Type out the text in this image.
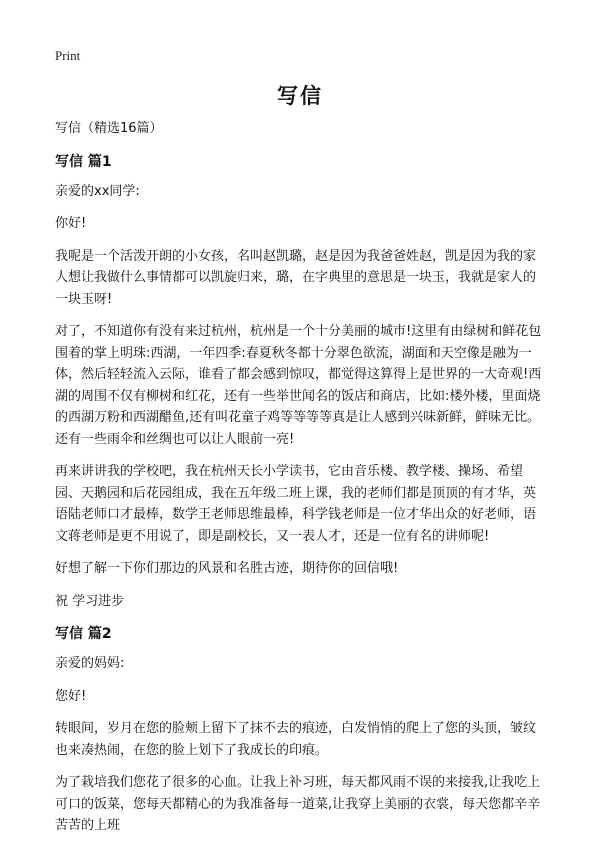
Print
写信

写信（精选16篇）

写信 篇1

亲爱的xx同学:

你好!

我呢是一个活泼开朗的小女孩，名叫赵凯璐，赵是因为我爸爸姓赵，凯是因为我的家人想让我做什么事情都可以凯旋归来，璐，在字典里的意思是一块玉，我就是家人的一块玉呀!

对了，不知道你有没有来过杭州，杭州是一个十分美丽的城市!这里有由绿树和鲜花包围着的掌上明珠:西湖，一年四季:春夏秋冬都十分翠色欲流，湖面和天空像是融为一体，然后轻轻流入云际，谁看了都会感到惊叹，都觉得这算得上是世界的一大奇观!西湖的周围不仅有柳树和红花，还有一些举世闻名的饭店和商店，比如:楼外楼，里面烧的西湖万粉和西湖醋鱼,还有叫花童子鸡等等等等真是让人感到兴味新鲜，鲜味无比。还有一些雨伞和丝绸也可以让人眼前一亮!

再来讲讲我的学校吧，我在杭州天长小学读书，它由音乐楼、教学楼、操场、希望园、天鹅园和后花园组成，我在五年级二班上课，我的老师们都是顶顶的有才华，英语陆老师口才最棒，数学王老师思维最棒，科学钱老师是一位才华出众的好老师，语文蒋老师是更不用说了，即是副校长，又一表人才，还是一位有名的讲师呢!

好想了解一下你们那边的风景和名胜古迹，期待你的回信哦!

祝 学习进步

写信 篇2

亲爱的妈妈:

您好!

转眼间，岁月在您的脸颊上留下了抹不去的痕迹，白发悄悄的爬上了您的头顶，皱纹也来凑热闹，在您的脸上划下了我成长的印痕。

为了栽培我们您花了很多的心血。让我上补习班，每天都风雨不误的来接我,让我吃上可口的饭菜，您每天都精心的为我准备每一道菜,让我穿上美丽的衣裳，每天您都辛辛苦苦的上班
